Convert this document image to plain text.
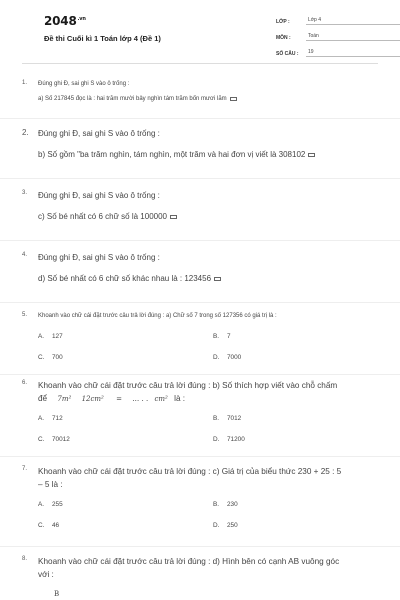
$2048^{.vn}$
Đề thi Cuối kì 1 Toán lớp 4 (Đề 1)
LỚP :	Lớp 4
MÔN :	Toán
SỐ CÂU :	19
1. Đúng ghi Đ, sai ghi S vào ô trống :
a) Số 217845 đọc là : hai trăm mười bảy nghìn tám trăm bốn mươi lăm
2. Đúng ghi Đ, sai ghi S vào ô trống :
b) Số gồm "ba trăm nghìn, tám nghìn, một trăm và hai đơn vị viết là 308102
3. Đúng ghi Đ, sai ghi S vào ô trống :
c) Số bé nhất có 6 chữ số là 100000
4. Đúng ghi Đ, sai ghi S vào ô trống :
d) Số bé nhất có 6 chữ số khác nhau là : 123456
5. Khoanh vào chữ cái đặt trước câu trả lời đúng : a) Chữ số 7 trong số 127356 có giá trị là :
A. 127	B. 7
C. 700	D. 7000
6. Khoanh vào chữ cái đặt trước câu trả lời đúng : b) Số thích hợp viết vào chỗ chấm
để 7m² 12cm² = … . . cm² là :
A. 712	B. 7012
C. 70012	D. 71200
7. Khoanh vào chữ cái đặt trước câu trả lời đúng : c) Giá trị của biểu thức 230 + 25 : 5
– 5 là :
A. 255	B. 230
C. 46	D. 250
8. Khoanh vào chữ cái đặt trước câu trả lời đúng : d) Hình bên có cạnh AB vuông góc
với :
B
